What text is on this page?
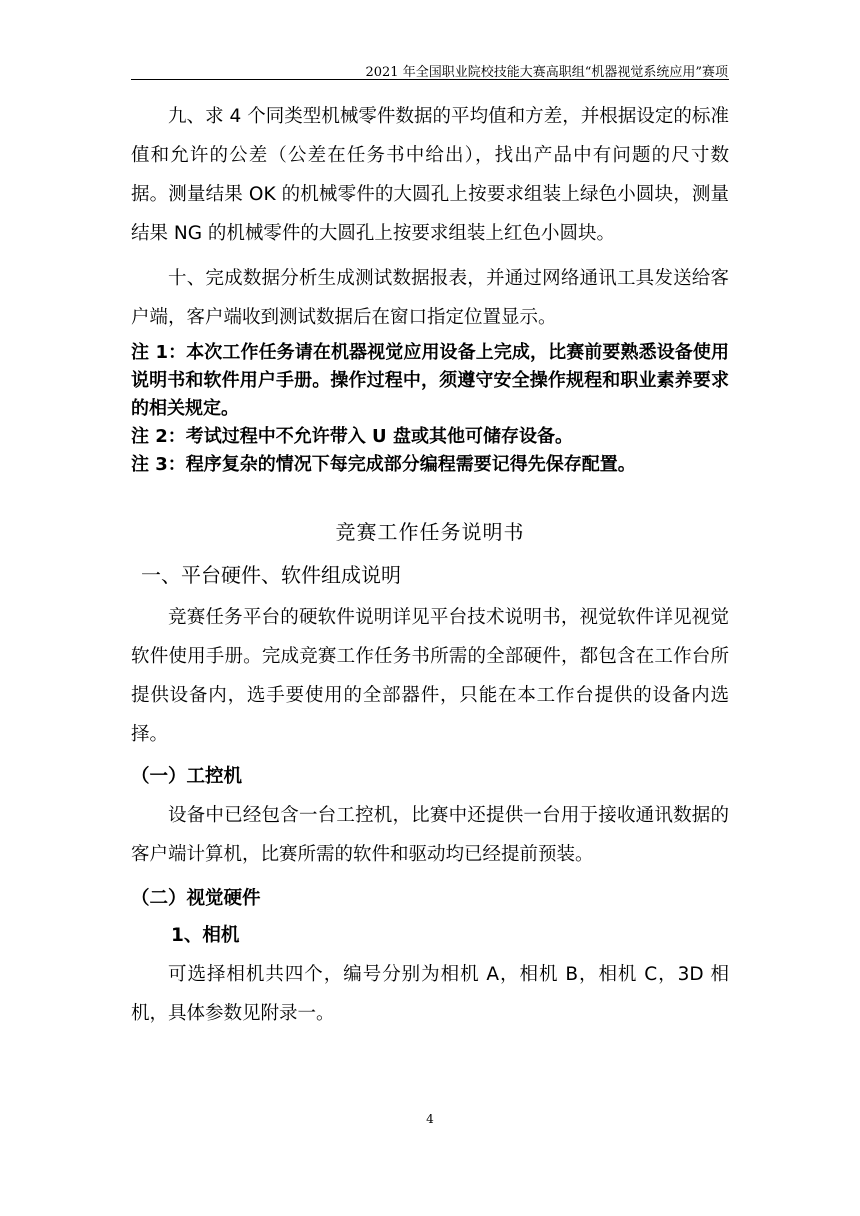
2021 年全国职业院校技能大赛高职组“机器视觉系统应用”赛项

九、求 4 个同类型机械零件数据的平均值和方差，并根据设定的标准值和允许的公差（公差在任务书中给出），找出产品中有问题的尺寸数据。测量结果 OK 的机械零件的大圆孔上按要求组装上绿色小圆块，测量结果 NG 的机械零件的大圆孔上按要求组装上红色小圆块。

十、完成数据分析生成测试数据报表，并通过网络通讯工具发送给客户端，客户端收到测试数据后在窗口指定位置显示。

注 1：本次工作任务请在机器视觉应用设备上完成，比赛前要熟悉设备使用说明书和软件用户手册。操作过程中，须遵守安全操作规程和职业素养要求的相关规定。

注 2：考试过程中不允许带入 U 盘或其他可储存设备。

注 3：程序复杂的情况下每完成部分编程需要记得先保存配置。

竞赛工作任务说明书
一、平台硬件、软件组成说明

竞赛任务平台的硬软件说明详见平台技术说明书，视觉软件详见视觉软件使用手册。完成竞赛工作任务书所需的全部硬件，都包含在工作台所提供设备内，选手要使用的全部器件，只能在本工作台提供的设备内选择。

（一）工控机

设备中已经包含一台工控机，比赛中还提供一台用于接收通讯数据的客户端计算机，比赛所需的软件和驱动均已经提前预装。

（二）视觉硬件
1、相机

可选择相机共四个，编号分别为相机 A，相机 B，相机 C，3D 相机，具体参数见附录一。

4
